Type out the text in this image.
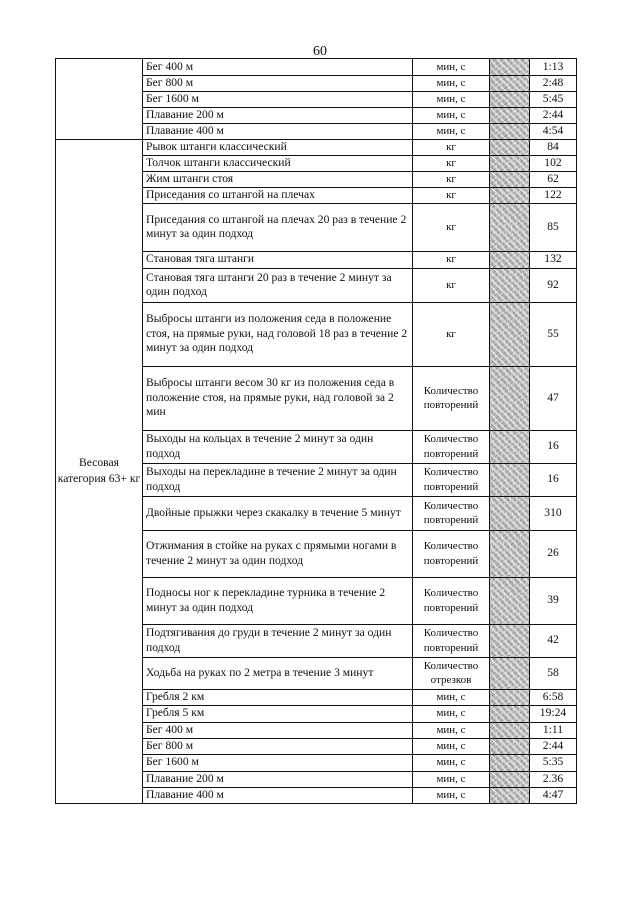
60
	Бег 400 м	мин, с		1:13
	Бег 800 м	мин, с		2:48
	Бег 1600 м	мин, с		5:45
	Плавание 200 м	мин, с		2:44
	Плавание 400 м	мин, с		4:54
Весовая категория 63+ кг	Рывок штанги классический	кг		84
	Толчок штанги классический	кг		102
	Жим штанги стоя	кг		62
	Приседания со штангой на плечах	кг		122
	Приседания со штангой на плечах 20 раз в течение 2 минут за один подход	кг		85
	Становая тяга штанги	кг		132
	Становая тяга штанги 20 раз в течение 2 минут за один подход	кг		92
	Выбросы штанги из положения седа в положение стоя, на прямые руки, над головой 18 раз в течение 2 минут за один подход	кг		55
	Выбросы штанги весом 30 кг из положения седа в положение стоя, на прямые руки, над головой за 2 мин	Количество повторений		47
	Выходы на кольцах в течение 2 минут за один подход	Количество повторений		16
	Выходы на перекладине в течение 2 минут за один подход	Количество повторений		16
	Двойные прыжки через скакалку в течение 5 минут	Количество повторений		310
	Отжимания в стойке на руках с прямыми ногами в течение 2 минут за один подход	Количество повторений		26
	Подносы ног к перекладине турника в течение 2 минут за один подход	Количество повторений		39
	Подтягивания до груди в течение 2 минут за один подход	Количество повторений		42
	Ходьба на руках по 2 метра в течение 3 минут	Количество отрезков		58
	Гребля 2 км	мин, с		6:58
	Гребля 5 км	мин, с		19:24
	Бег 400 м	мин, с		1:11
	Бег 800 м	мин, с		2:44
	Бег 1600 м	мин, с		5:35
	Плавание 200 м	мин, с		2.36
	Плавание 400 м	мин, с		4:47
